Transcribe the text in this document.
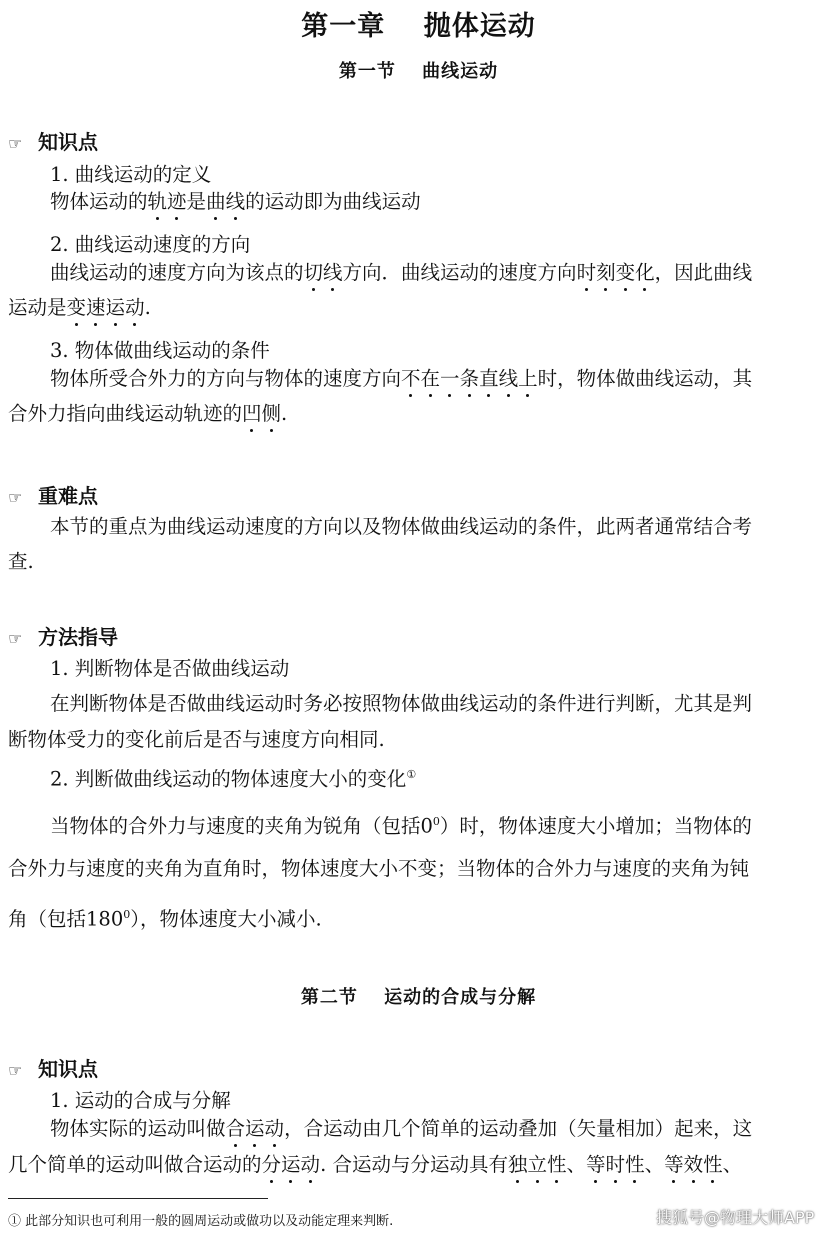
第一章　 抛体运动
第一节　 曲线运动
☞ 知识点
1. 曲线运动的定义
物体运动的轨迹是曲线的运动即为曲线运动
2. 曲线运动速度的方向
曲线运动的速度方向为该点的切线方向．曲线运动的速度方向时刻变化，因此曲线
运动是变速运动.
3. 物体做曲线运动的条件
物体所受合外力的方向与物体的速度方向不在一条直线上时，物体做曲线运动，其
合外力指向曲线运动轨迹的凹侧.
☞ 重难点
本节的重点为曲线运动速度的方向以及物体做曲线运动的条件，此两者通常结合考
查.
☞ 方法指导
1. 判断物体是否做曲线运动
在判断物体是否做曲线运动时务必按照物体做曲线运动的条件进行判断，尤其是判
断物体受力的变化前后是否与速度方向相同.
2. 判断做曲线运动的物体速度大小的变化①
当物体的合外力与速度的夹角为锐角（包括$0^0$）时，物体速度大小增加；当物体的
合外力与速度的夹角为直角时，物体速度大小不变；当物体的合外力与速度的夹角为钝
角（包括$180^0$），物体速度大小减小.
第二节　 运动的合成与分解
☞ 知识点
1. 运动的合成与分解
物体实际的运动叫做合运动，合运动由几个简单的运动叠加（矢量相加）起来，这
几个简单的运动叫做合运动的分运动. 合运动与分运动具有独立性、等时性、等效性、
① 此部分知识也可利用一般的圆周运动或做功以及动能定理来判断.	搜狐号@物理大师APP
